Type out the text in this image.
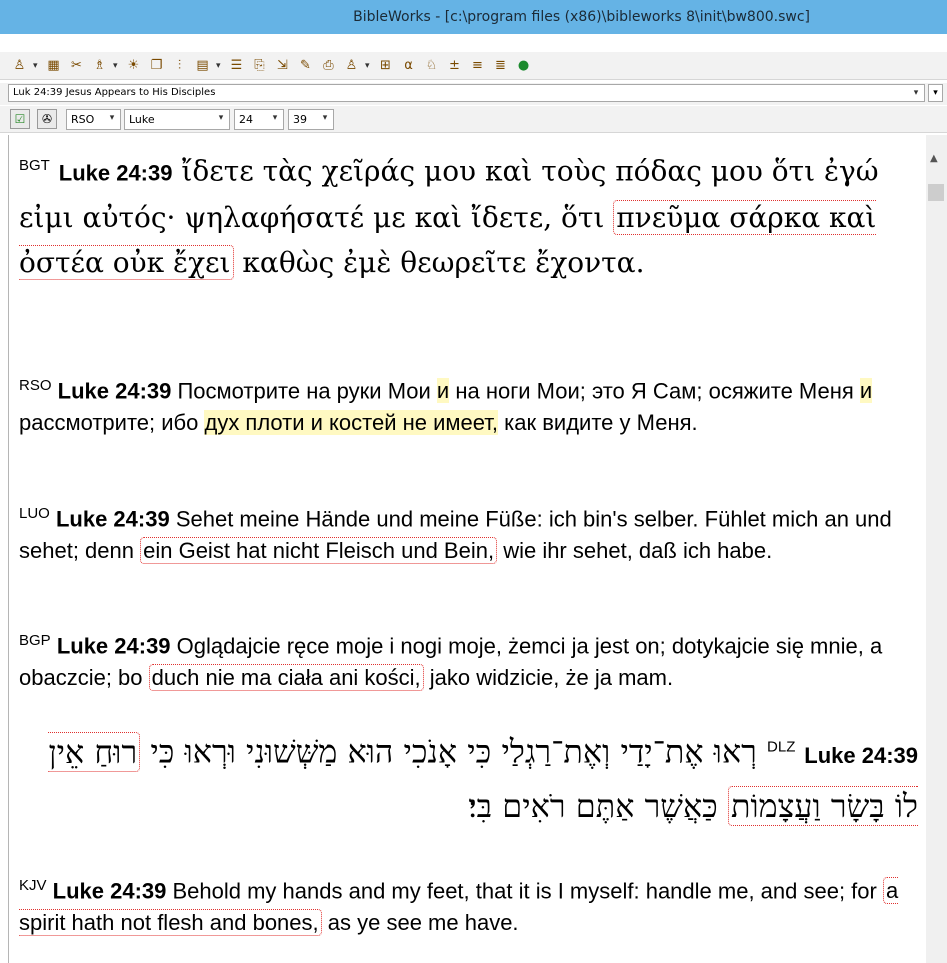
BibleWorks - [c:\program files (x86)\bibleworks 8\init\bw800.swc]
♙ ▾ ▦ ✂ ♗ ▾ ☀ ❐	⫶	▤ ▾ ☰ ⎘ ⇲ ✎ ⎙ ♙ ▾ ⊞	α ♘ ± ≡ ≣ ●
Luk 24:39 Jesus Appears to His Disciples	▾	▾
☑	✇	RSO	▾	Luke	▾	24	▾	39	▾
$^{BGT}$ Luke 24:39 ἴδετε τὰς χεῖράς μου καὶ τοὺς πόδας μου ὅτι ἐγώ εἰμι αὐτός· ψηλαφήσατέ με καὶ ἴδετε, ὅτι πνεῦμα σάρκα καὶ ὀστέα οὐκ ἔχει καθὼς ἐμὲ θεωρεῖτε ἔχοντα.
$^{RSO}$ Luke 24:39 Посмотрите на руки Мои и на ноги Мои; это Я Сам; осяжите Меня и рассмотрите; ибо дух плоти и костей не имеет, как видите у Меня.
$^{LUO}$ Luke 24:39 Sehet meine Hände und meine Füße: ich bin's selber. Fühlet mich an und sehet; denn ein Geist hat nicht Fleisch und Bein, wie ihr sehet, daß ich habe.
$^{BGP}$ Luke 24:39 Oglądajcie ręce moje i nogi moje, żemci ja jest on; dotykajcie się mnie, a obaczcie; bo duch nie ma ciała ani kości, jako widzicie, że ja mam.
$^{DLZ}$ Luke 24:39 רְאוּ אֶת־יָדַי וְאֶת־רַגְלַי כִּי אָנֹכִי הוּא מַשְּׁשׁוּנִי וּרְאוּ כִּי רוּחַ אֵין לוֹ בָּשָׂר וַעֲצָמוֹת כַּאֲשֶׁר אַתֶּם רֹאִים בִּי׃
$^{KJV}$ Luke 24:39 Behold my hands and my feet, that it is I myself: handle me, and see; for a spirit hath not flesh and bones, as ye see me have.
▲
